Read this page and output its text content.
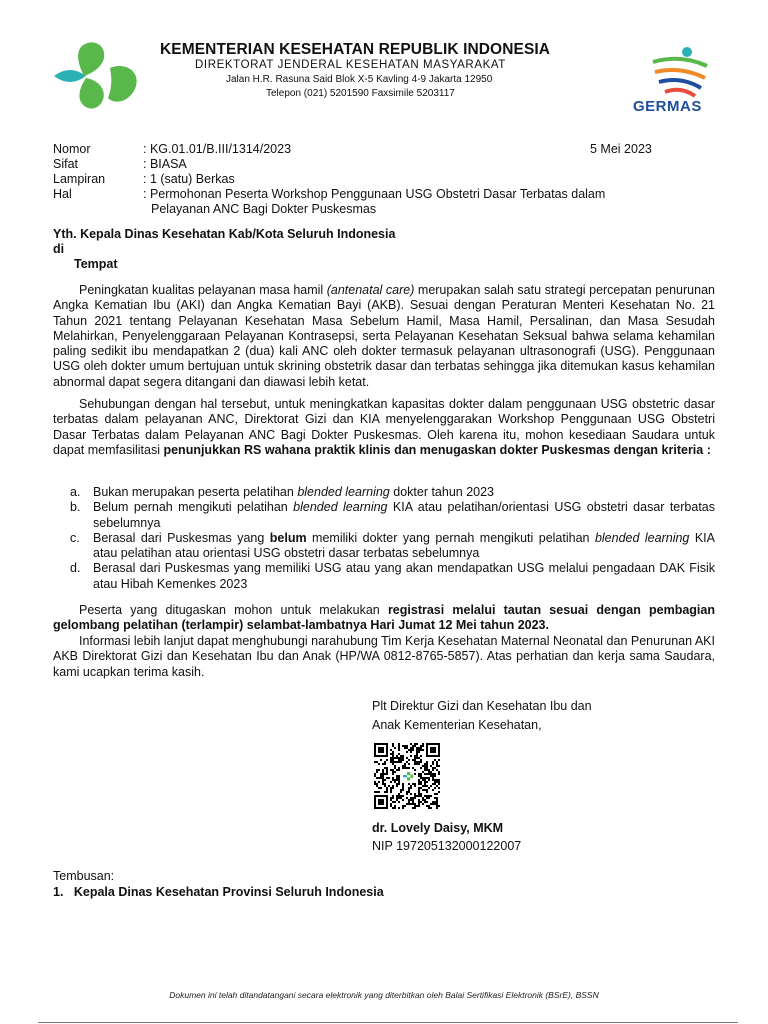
GERMAS
KEMENTERIAN KESEHATAN REPUBLIK INDONESIA
DIREKTORAT JENDERAL KESEHATAN MASYARAKAT
Jalan H.R. Rasuna Said Blok X-5 Kavling 4-9 Jakarta 12950
Telepon (021) 5201590 Faxsimile 5203117
Nomor	: KG.01.01/B.III/1314/2023	5 Mei 2023
Sifat	: BIASA
Lampiran	: 1 (satu) Berkas
Hal	: Permohonan Peserta Workshop Penggunaan USG Obstetri Dasar Terbatas dalam
Pelayanan ANC Bagi Dokter Puskesmas
Yth. Kepala Dinas Kesehatan Kab/Kota Seluruh Indonesia
di
Tempat
Peningkatan kualitas pelayanan masa hamil (antenatal care) merupakan salah satu strategi percepatan penurunan Angka Kematian Ibu (AKI) dan Angka Kematian Bayi (AKB). Sesuai dengan Peraturan Menteri Kesehatan No. 21 Tahun 2021 tentang Pelayanan Kesehatan Masa Sebelum Hamil, Masa Hamil, Persalinan, dan Masa Sesudah Melahirkan, Penyelenggaraan Pelayanan Kontrasepsi, serta Pelayanan Kesehatan Seksual bahwa selama kehamilan paling sedikit ibu mendapatkan 2 (dua) kali ANC oleh dokter termasuk pelayanan ultrasonografi (USG). Penggunaan USG oleh dokter umum bertujuan untuk skrining obstetrik dasar dan terbatas sehingga jika ditemukan kasus kehamilan abnormal dapat segera ditangani dan diawasi lebih ketat.
Sehubungan dengan hal tersebut, untuk meningkatkan kapasitas dokter dalam penggunaan USG obstetric dasar terbatas dalam pelayanan ANC, Direktorat Gizi dan KIA menyelenggarakan Workshop Penggunaan USG Obstetri Dasar Terbatas dalam Pelayanan ANC Bagi Dokter Puskesmas. Oleh karena itu, mohon kesediaan Saudara untuk dapat memfasilitasi penunjukkan RS wahana praktik klinis dan menugaskan dokter Puskesmas dengan kriteria :
a. Bukan merupakan peserta pelatihan blended learning dokter tahun 2023
b. Belum pernah mengikuti pelatihan blended learning KIA atau pelatihan/orientasi USG obstetri dasar terbatas sebelumnya
c. Berasal dari Puskesmas yang belum memiliki dokter yang pernah mengikuti pelatihan blended learning KIA atau pelatihan atau orientasi USG obstetri dasar terbatas sebelumnya
d. Berasal dari Puskesmas yang memiliki USG atau yang akan mendapatkan USG melalui pengadaan DAK Fisik atau Hibah Kemenkes 2023
Peserta yang ditugaskan mohon untuk melakukan registrasi melalui tautan sesuai dengan pembagian gelombang pelatihan (terlampir) selambat-lambatnya Hari Jumat 12 Mei tahun 2023.
Informasi lebih lanjut dapat menghubungi narahubung Tim Kerja Kesehatan Maternal Neonatal dan Penurunan AKI AKB Direktorat Gizi dan Kesehatan Ibu dan Anak (HP/WA 0812-8765-5857). Atas perhatian dan kerja sama Saudara, kami ucapkan terima kasih.
Plt Direktur Gizi dan Kesehatan Ibu dan
Anak Kementerian Kesehatan,
dr. Lovely Daisy, MKM
NIP 197205132000122007
Tembusan:
1. Kepala Dinas Kesehatan Provinsi Seluruh Indonesia
Dokumen ini telah ditandatangani secara elektronik yang diterbitkan oleh Balai Sertifikasi Elektronik (BSrE), BSSN
